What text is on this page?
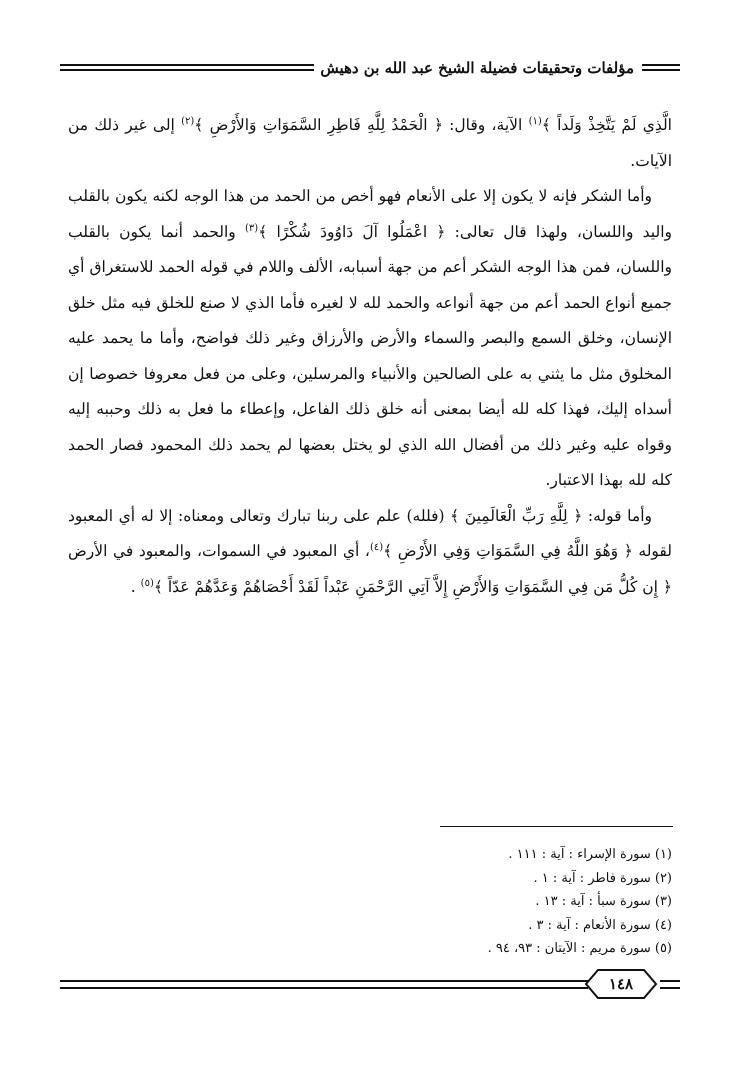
مؤلفات وتحقيقات فضيلة الشيخ عبد الله بن دهيش

الَّذِي لَمْ يَتَّخِذْ وَلَداً ﴾$^{(١)}$ الآية، وقال: ﴿ الْحَمْدُ لِلَّهِ فَاطِرِ السَّمَوَاتِ وَالأَرْضِ ﴾$^{(٢)}$ إلى غير ذلك من الآيات.

وأما الشكر فإنه لا يكون إلا على الأنعام فهو أخص من الحمد من هذا الوجه لكنه يكون بالقلب واليد واللسان، ولهذا قال تعالى: ﴿ اعْمَلُوا آلَ دَاوُودَ شُكْرًا ﴾$^{(٣)}$ والحمد أنما يكون بالقلب واللسان، فمن هذا الوجه الشكر أعم من جهة أسبابه، الألف واللام في قوله الحمد للاستغراق أي جميع أنواع الحمد أعم من جهة أنواعه والحمد لله لا لغيره فأما الذي لا صنع للخلق فيه مثل خلق الإنسان، وخلق السمع والبصر والسماء والأرض والأرزاق وغير ذلك فواضح، وأما ما يحمد عليه المخلوق مثل ما يثني به على الصالحين والأنبياء والمرسلين، وعلى من فعل معروفا خصوصا إن أسداه إليك، فهذا كله لله أيضا بمعنى أنه خلق ذلك الفاعل، وإعطاء ما فعل به ذلك وحببه إليه وقواه عليه وغير ذلك من أفضال الله الذي لو يختل بعضها لم يحمد ذلك المحمود فصار الحمد كله لله بهذا الاعتبار.

وأما قوله: ﴿ لِلَّهِ رَبِّ الْعَالَمِينَ ﴾ (فلله) علم على ربنا تبارك وتعالى ومعناه: إلا له أي المعبود لقوله ﴿ وَهُوَ اللَّهُ فِي السَّمَوَاتِ وَفِي الأَرْضِ ﴾$^{(٤)}$، أي المعبود في السموات، والمعبود في الأرض ﴿ إِن كُلُّ مَن فِي السَّمَوَاتِ وَالأَرْضِ إِلاَّ آتِي الرَّحْمَنِ عَبْداً لَقَدْ أَحْصَاهُمْ وَعَدَّهُمْ عَدّاً ﴾$^{(٥)}$ .

(١) سورة الإسراء : آية : ١١١ .
(٢) سورة فاطر : آية : ١ .
(٣) سورة سبأ : آية : ١٣ .
(٤) سورة الأنعام : آية : ٣ .
(٥) سورة مريم : الآيتان : ٩٣، ٩٤ .
١٤٨
